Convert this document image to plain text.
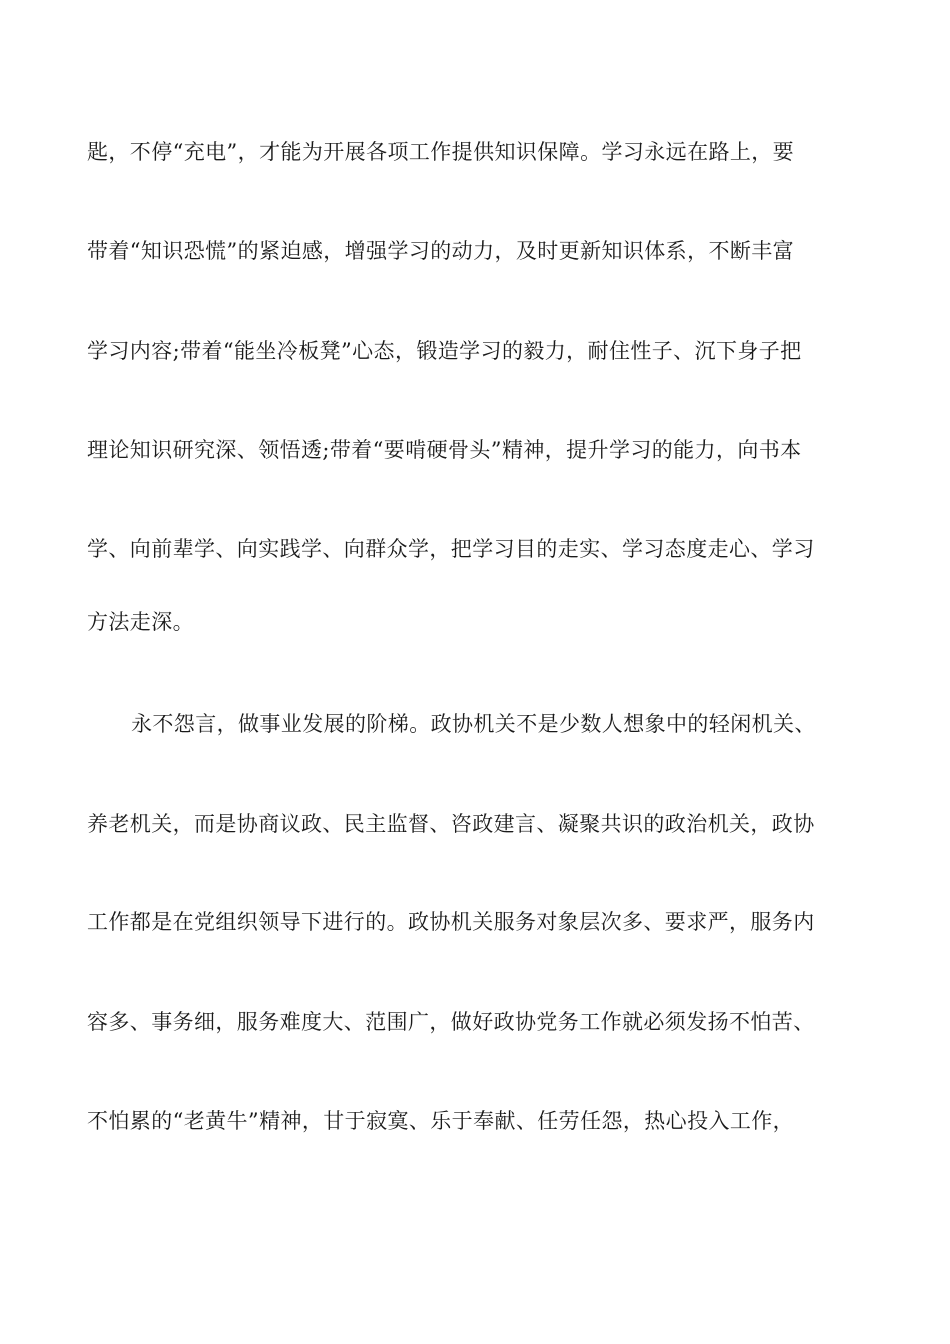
匙，不停“充电”，才能为开展各项工作提供知识保障。学习永远在路上，要
带着“知识恐慌”的紧迫感，增强学习的动力，及时更新知识体系，不断丰富
学习内容;带着“能坐冷板凳”心态，锻造学习的毅力，耐住性子、沉下身子把
理论知识研究深、领悟透;带着“要啃硬骨头”精神，提升学习的能力，向书本
学、向前辈学、向实践学、向群众学，把学习目的走实、学习态度走心、学习
方法走深。
永不怨言，做事业发展的阶梯。政协机关不是少数人想象中的轻闲机关、
养老机关，而是协商议政、民主监督、咨政建言、凝聚共识的政治机关，政协
工作都是在党组织领导下进行的。政协机关服务对象层次多、要求严，服务内
容多、事务细，服务难度大、范围广，做好政协党务工作就必须发扬不怕苦、
不怕累的“老黄牛”精神，甘于寂寞、乐于奉献、任劳任怨，热心投入工作，
